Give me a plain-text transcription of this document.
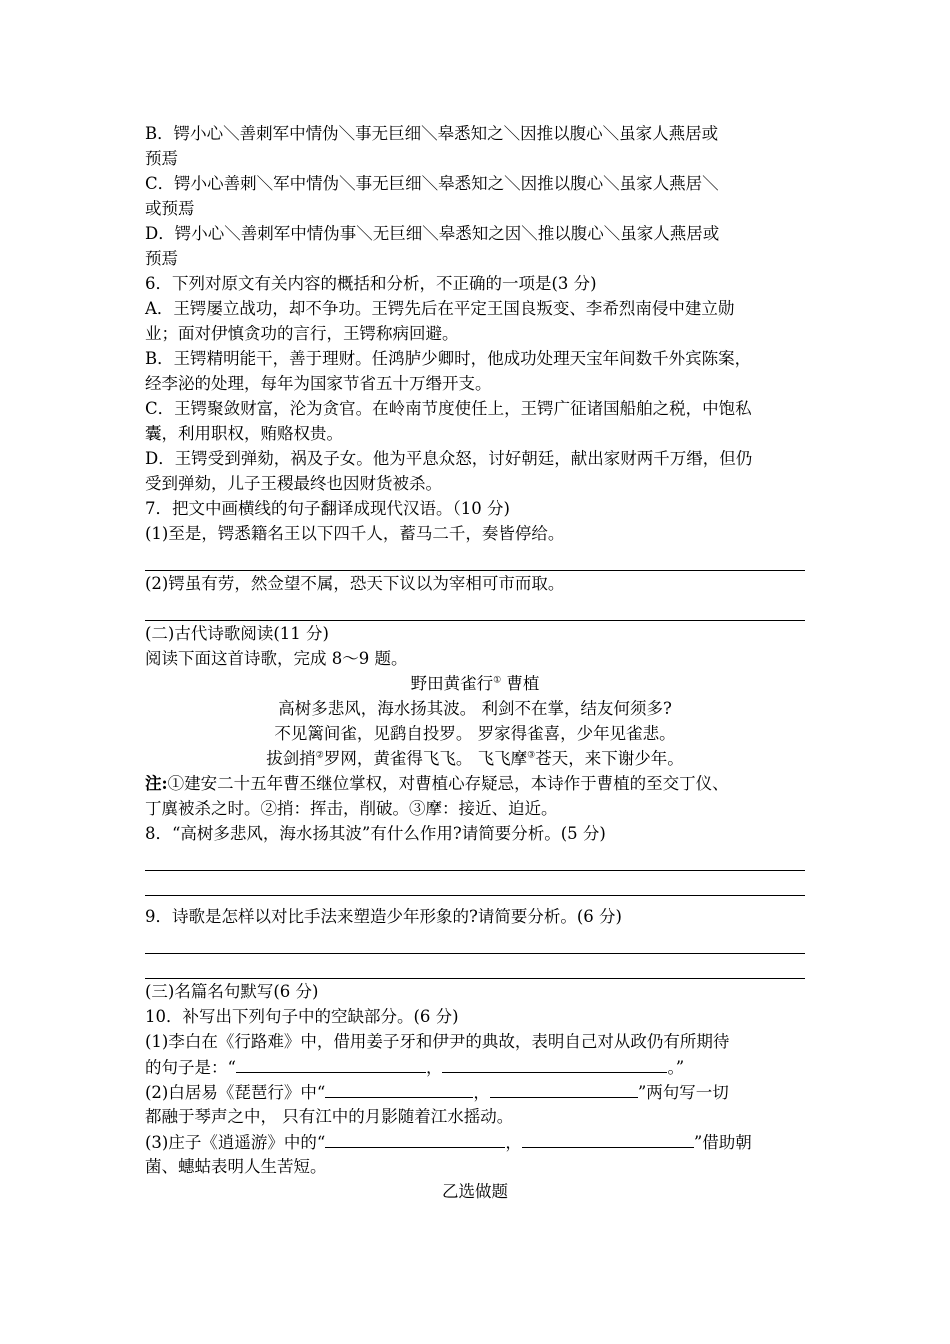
B．锷小心＼善刺军中情伪＼事无巨细＼皋悉知之＼因推以腹心＼虽家人燕居或
预焉
C．锷小心善刺＼军中情伪＼事无巨细＼皋悉知之＼因推以腹心＼虽家人燕居＼
或预焉
D．锷小心＼善刺军中情伪事＼无巨细＼皋悉知之因＼推以腹心＼虽家人燕居或
预焉
6．下列对原文有关内容的概括和分析，不正确的一项是(3 分)
A．王锷屡立战功，却不争功。王锷先后在平定王国良叛变、李希烈南侵中建立勋
业；面对伊慎贪功的言行，王锷称病回避。
B．王锷精明能干，善于理财。任鸿胪少卿时，他成功处理天宝年间数千外宾陈案，
经李泌的处理，每年为国家节省五十万缗开支。
C．王锷聚敛财富，沦为贪官。在岭南节度使任上，王锷广征诸国船舶之税，中饱私
囊，利用职权，贿赂权贵。
D．王锷受到弹劾，祸及子女。他为平息众怒，讨好朝廷，献出家财两千万缗，但仍
受到弹劾，儿子王稷最终也因财货被杀。
7．把文中画横线的句子翻译成现代汉语。（10 分)
(1)至是，锷悉籍名王以下四千人，蓄马二千，奏皆停给。
(2)锷虽有劳，然佥望不属，恐天下议以为宰相可市而取。
(二)古代诗歌阅读(11 分)
阅读下面这首诗歌，完成 8～9 题。
野田黄雀行① 曹植
高树多悲风，海水扬其波。 利剑不在掌，结友何须多?
不见篱间雀，见鹞自投罗。 罗家得雀喜，少年见雀悲。
拔剑捎②罗网，黄雀得飞飞。 飞飞摩③苍天，来下谢少年。
注:①建安二十五年曹丕继位掌权，对曹植心存疑忌，本诗作于曹植的至交丁仪、
丁廙被杀之时。②捎：挥击，削破。③摩：接近、迫近。
8．“高树多悲风，海水扬其波”有什么作用?请简要分析。(5 分)
9．诗歌是怎样以对比手法来塑造少年形象的?请简要分析。(6 分)
(三)名篇名句默写(6 分)
10．补写出下列句子中的空缺部分。(6 分)
(1)李白在《行路难》中，借用姜子牙和伊尹的典故，表明自己对从政仍有所期待
的句子是：“	，	。”
(2)白居易《琵琶行》中“	，	”两句写一切
都融于琴声之中， 只有江中的月影随着江水摇动。
(3)庄子《逍遥游》中的“	，	”借助朝
菌、蟪蛄表明人生苦短。
乙选做题
